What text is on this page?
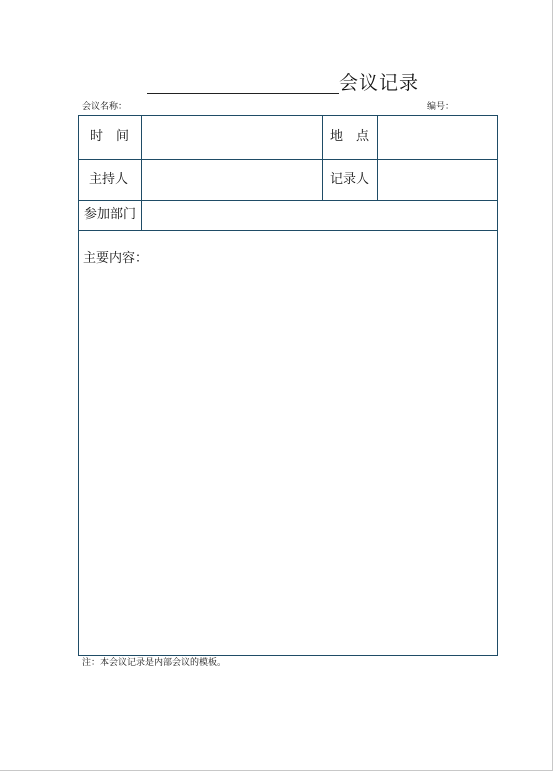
会议记录
会议名称：	编号：
时　间	地　点
主持人	记录人
参加部门
主要内容：
注：本会议记录是内部会议的模板。
